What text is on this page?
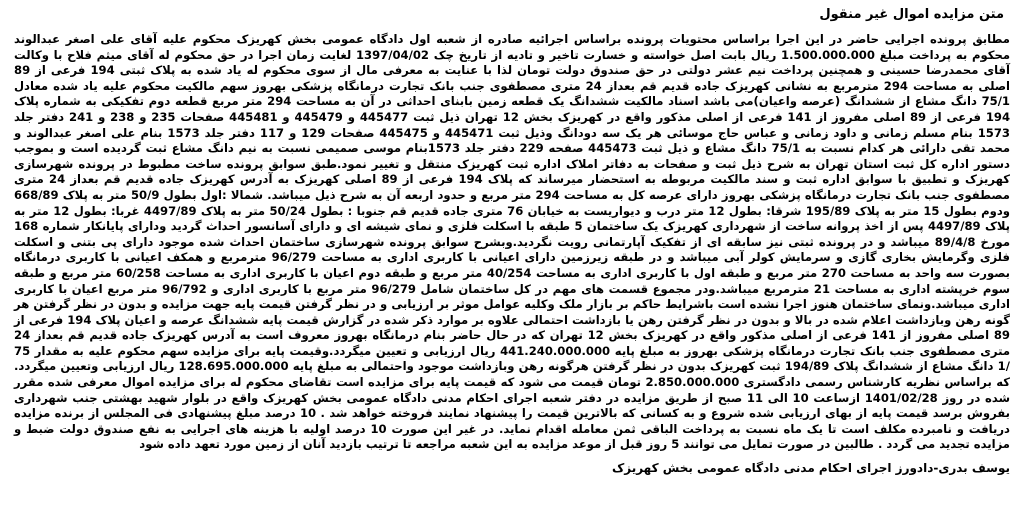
متن مزایده اموال غیر منقول

مطابق پرونده اجرایی حاضر در این اجرا براساس محتویات پرونده براساس اجرائیه صادره از شعبه اول دادگاه عمومی بخش کهریزک محکوم علیه آقای علی اصغر عبدالوند محکوم به پرداخت مبلغ 1.500.000.000 ریال بابت اصل خواسته و خسارت تاخیر و تادیه از تاریخ چک 1397/04/02 لغایت زمان اجرا در حق محکوم له آقای میثم فلاح با وکالت آقای محمدرضا حسینی و همچنین پرداخت نیم عشر دولتی در حق صندوق دولت تومان لذا با عنایت به معرفی مال از سوی محکوم له یاد شده به پلاک ثبتی 194 فرعی از 89 اصلی به مساحت 294 مترمربع به نشانی کهریزک جاده قدیم قم بعداز 24 متری مصطفوی جنب بانک تجارت درمانگاه پزشکی بهروز سهم مالکیت محکوم علیه یاد شده معادل 75/1 دانگ مشاع از ششدانگ (عرصه واعیان)می باشد اسناد مالکیت ششدانگ یک قطعه زمین بابنای احداثی در آن به مساحت 294 متر مربع قطعه دوم تفکیکی به شماره پلاک 194 فرعی از 89 اصلی مفروز از 141 فرعی از اصلی مذکور واقع در کهریزک بخش 12 تهران ذیل ثبت 445477 و 445479 و 445481 صفحات 235 و 238 و 241 دفتر جلد 1573 بنام مسلم زمانی و داود زمانی و عباس حاج موسائی هر یک سه دودانگ وذیل ثبت 445471 و 445475 صفحات 129 و 117 دفتر جلد 1573 بنام علی اصغر عبدالوند و محمد تقی دارائی هر کدام نسبت به 75/1 دانگ مشاع و ذیل ثبت 445473 صفحه 229 دفتر جلد 1573بنام موسی صمیمی نسبت به نیم دانگ مشاع ثبت گردیده است و بموجب دستور اداره کل ثبت استان تهران به شرح ذیل ثبت و صفحات به دفاتر املاک اداره ثبت کهریزک منتقل و تغییر نمود.طبق سوابق پرونده ساخت مطبوط در پرونده شهرسازی کهریزک و تطبیق با سوابق اداره ثبت و سند مالکیت مربوطه به استحضار میرساند که پلاک 194 فرعی از 89 اصلی کهریزک به آدرس کهریزک جاده قدیم قم بعداز 24 متری مصطفوی جنب بانک تجارت درمانگاه پزشکی بهروز دارای عرصه کل به مساحت 294 متر مربع و حدود اربعه آن به شرح ذیل میباشد. شمالا :اول بطول 50/9 متر به پلاک 668/89 ودوم بطول 15 متر به پلاک 195/89 شرقا: بطول 12 متر درب و دیواریست به خیابان 76 متری جاده قدیم قم جنوبا : بطول 50/24 متر به پلاک 4497/89 غربا: بطول 12 متر به پلاک 4497/89 پس از اخذ پروانه ساخت از شهرداری کهریزک یک ساختمان 5 طبقه با اسکلت فلزی و نمای شیشه ای و دارای آسانسور احداث گردید ودارای پایانکار شماره 168 مورخ 89/4/8 میباشد و در پرونده ثبتی نیز سابقه ای از تفکیک آپارتمانی رویت نگردید.وبشرح سوابق پرونده شهرسازی ساختمان احداث شده موجود دارای پی بتنی و اسکلت فلزی وگرمایش بخاری گازی و سرمایش کولر آبی میباشد و در طبقه زیرزمین دارای اعیانی با کاربری اداری به مساحت 96/279 مترمربع و همکف اعیانی با کاربری درمانگاه بصورت سه واحد به مساحت 270 متر مربع و طبقه اول با کاربری اداری به مساحت 40/254 متر مربع و طبقه دوم اعیان با کاربری اداری به مساحت 60/258 متر مربع و طبقه سوم خرپشته اداری به مساحت 21 مترمربع میباشد.ودر مجموع قسمت های مهم در کل ساختمان شامل 96/279 متر مربع با کاربری اداری و 96/792 متر مربع اعیان با کاربری اداری میباشد.ونمای ساختمان هنوز اجرا نشده است باشرایط حاکم بر بازار ملک وکلیه عوامل موثر بر ارزیابی و در نظر گرفتن قیمت پایه جهت مزایده و بدون در نظر گرفتن هر گونه رهن وبازداشت اعلام شده در بالا و بدون در نظر گرفتن رهن یا بازداشت احتمالی علاوه بر موارد ذکر شده در گزارش قیمت پایه ششدانگ عرصه و اعیان پلاک 194 فرعی از 89 اصلی مفروز از 141 فرعی از اصلی مذکور واقع در کهریزک بخش 12 تهران که در حال حاضر بنام درمانگاه بهروز معروف است به آدرس کهریزک جاده قدیم قم بعداز 24 متری مصطفوی جنب بانک تجارت درمانگاه پزشکی بهروز به مبلغ پایه 441.240.000.000 ریال ارزیابی و تعیین میگردد.وقیمت پایه برای مزایده سهم محکوم علیه به مقدار 75 /1 دانگ مشاع از ششدانگ پلاک 194/89 ثبت کهریزک بدون در نظر گرفتن هرگونه رهن وبازداشت موجود واحتمالی به مبلغ پایه 128.695.000.000 ریال ارزیابی وتعیین میگردد. که براساس نظریه کارشناس رسمی دادگستری 2.850.000.000 تومان قیمت می شود که قیمت پایه برای مزایده است تقاضای محکوم له برای مزایده اموال معرفی شده مقرر شده در روز 1401/02/28 ازساعت 10 الی 11 صبح از طریق مزایده در دفتر شعبه اجرای احکام مدنی دادگاه عمومی بخش کهریزک واقع در بلوار شهید بهشتی جنب شهرداری بفروش برسد قیمت پایه از بهای ارزیابی شده شروع و به کسانی که بالاترین قیمت را پیشنهاد نمایند فروخته خواهد شد . 10 درصد مبلغ پیشنهادی فی المجلس از برنده مزایده دریافت و نامبرده مکلف است تا یک ماه نسبت به پرداخت الباقی ثمن معامله اقدام نماید. در غیر این صورت 10 درصد اولیه با هزینه های اجرایی به نفع صندوق دولت ضبط و مزایده تجدید می گردد . طالبین در صورت تمایل می توانند 5 روز قبل از موعد مزایده به این شعبه مراجعه تا ترتیب بازدید آنان از زمین مورد تعهد داده شود

یوسف بدری-دادورز اجرای احکام مدنی دادگاه عمومی بخش کهریزک
